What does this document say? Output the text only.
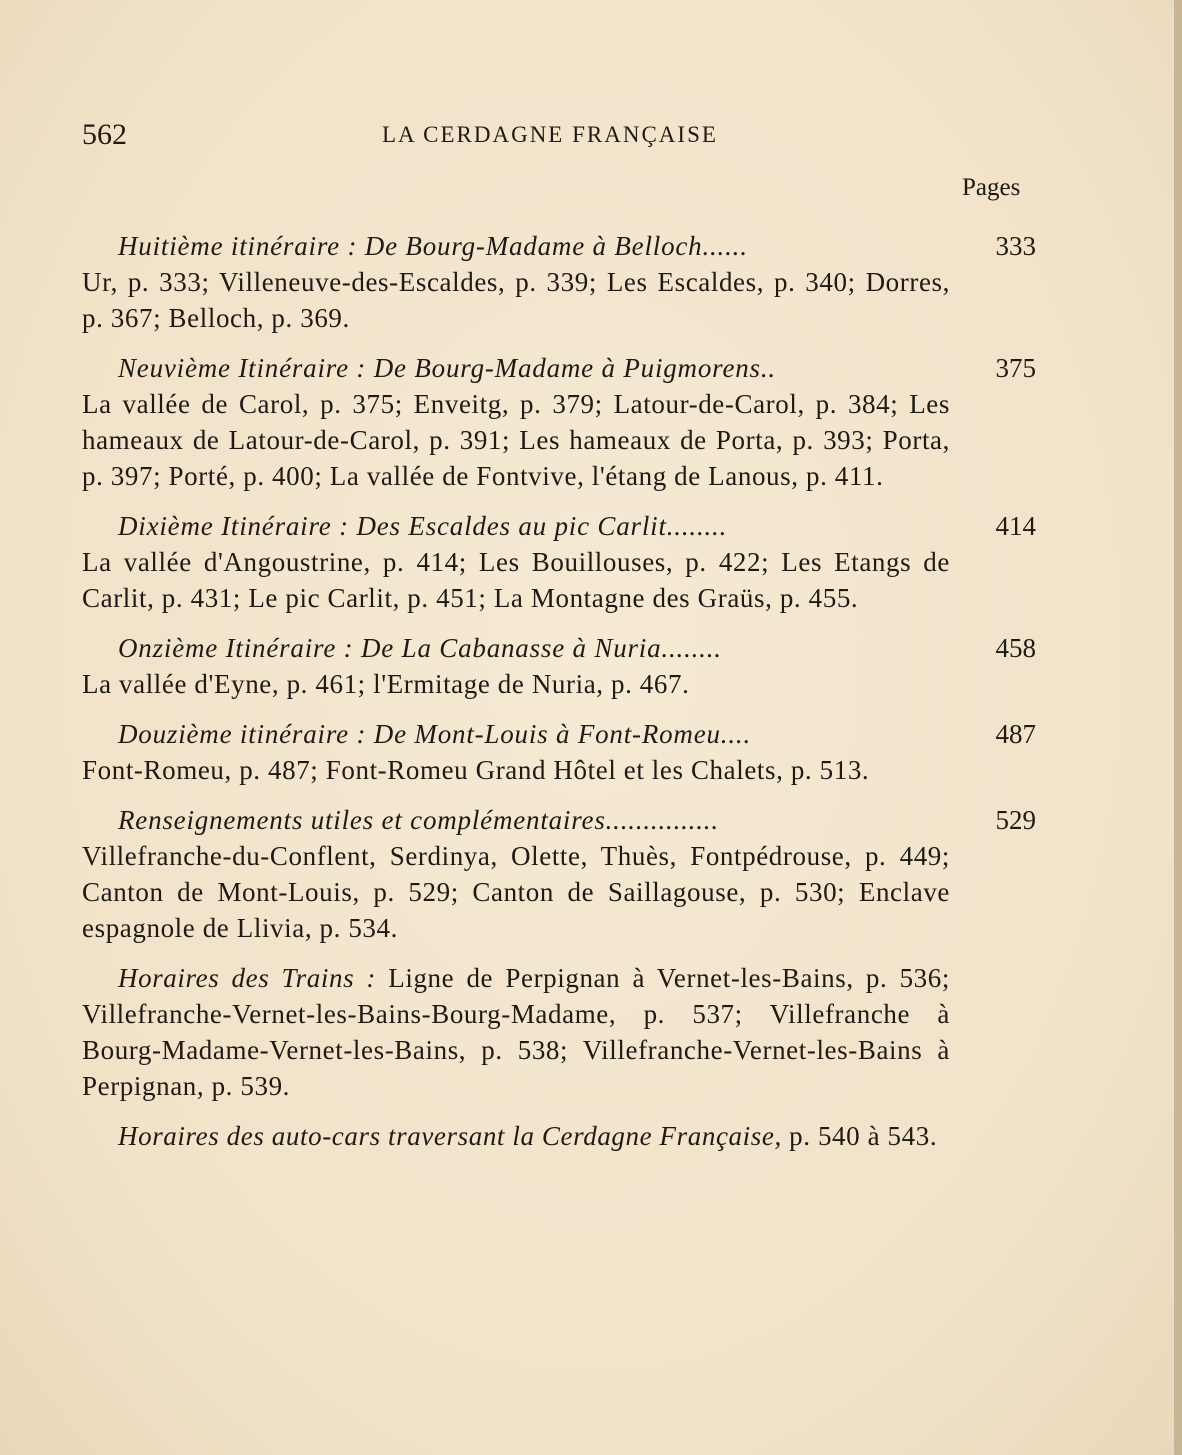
562	LA CERDAGNE FRANÇAISE
Pages
Huitième itinéraire : De Bourg-Madame à Belloch......	333
Ur, p. 333; Villeneuve-des-Escaldes, p. 339; Les Escaldes, p. 340; Dorres, p. 367; Belloch, p. 369.
Neuvième Itinéraire : De Bourg-Madame à Puigmorens..	375
La vallée de Carol, p. 375; Enveitg, p. 379; Latour-de-Carol, p. 384; Les hameaux de Latour-de-Carol, p. 391; Les hameaux de Porta, p. 393; Porta, p. 397; Porté, p. 400; La vallée de Fontvive, l'étang de Lanous, p. 411.
Dixième Itinéraire : Des Escaldes au pic Carlit........	414
La vallée d'Angoustrine, p. 414; Les Bouillouses, p. 422; Les Etangs de Carlit, p. 431; Le pic Carlit, p. 451; La Montagne des Graüs, p. 455.
Onzième Itinéraire : De La Cabanasse à Nuria........	458
La vallée d'Eyne, p. 461; l'Ermitage de Nuria, p. 467.
Douzième itinéraire : De Mont-Louis à Font-Romeu....	487
Font-Romeu, p. 487; Font-Romeu Grand Hôtel et les Chalets, p. 513.
Renseignements utiles et complémentaires...............	529
Villefranche-du-Conflent, Serdinya, Olette, Thuès, Fontpédrouse, p. 449; Canton de Mont-Louis, p. 529; Canton de Saillagouse, p. 530; Enclave espagnole de Llivia, p. 534.
Horaires des Trains : Ligne de Perpignan à Vernet-les-Bains, p. 536; Villefranche-Vernet-les-Bains-Bourg-Madame, p. 537; Villefranche à Bourg-Madame-Vernet-les-Bains, p. 538; Villefranche-Vernet-les-Bains à Perpignan, p. 539.
Horaires des auto-cars traversant la Cerdagne Française, p. 540 à 543.
